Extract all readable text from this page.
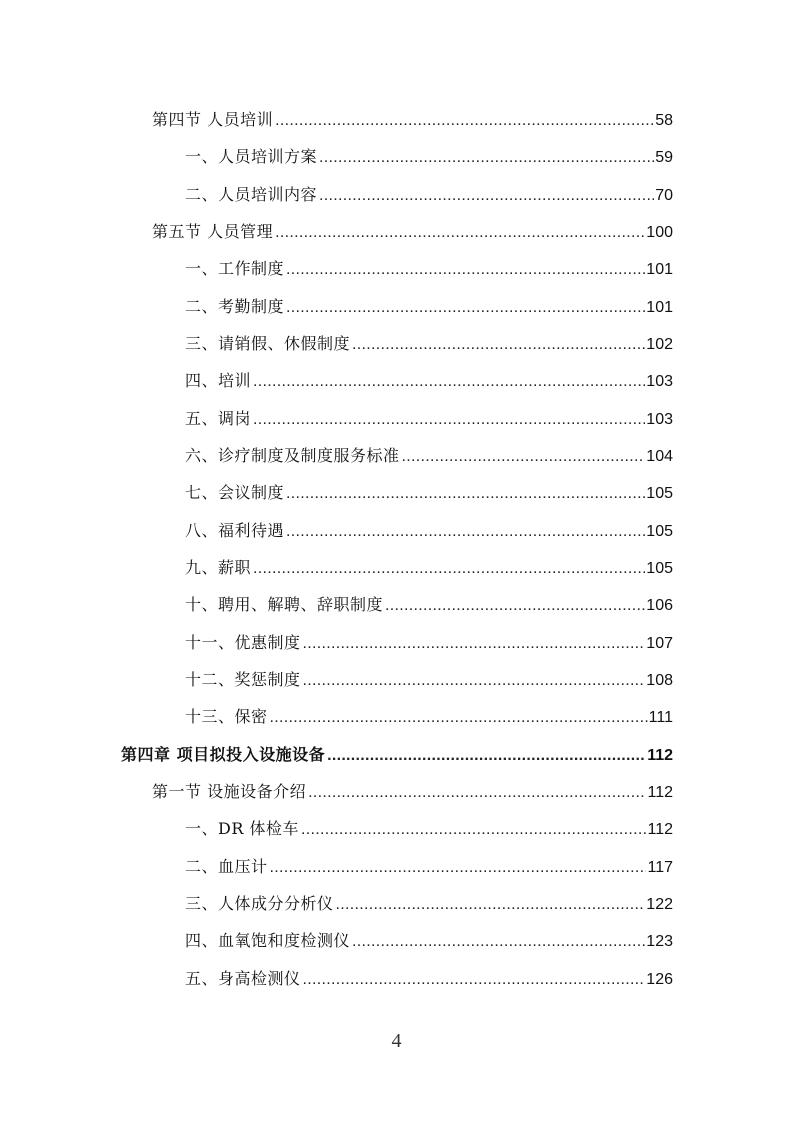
第四节 人员培训 .....	58
一、人员培训方案 .....	59
二、人员培训内容 .....	70
第五节 人员管理 .....	100
一、工作制度 .....	101
二、考勤制度 .....	101
三、请销假、休假制度 .....	102
四、培训 .....	103
五、调岗 .....	103
六、诊疗制度及制度服务标准 .....	104
七、会议制度 .....	105
八、福利待遇 .....	105
九、薪职 .....	105
十、聘用、解聘、辞职制度 .....	106
十一、优惠制度 .....	107
十二、奖惩制度 .....	108
十三、保密 .....	111
第四章 项目拟投入设施设备 .....	112
第一节 设施设备介绍 .....	112
一、DR 体检车 .....	112
二、血压计 .....	117
三、人体成分分析仪 .....	122
四、血氧饱和度检测仪 .....	123
五、身高检测仪 .....	126
4
